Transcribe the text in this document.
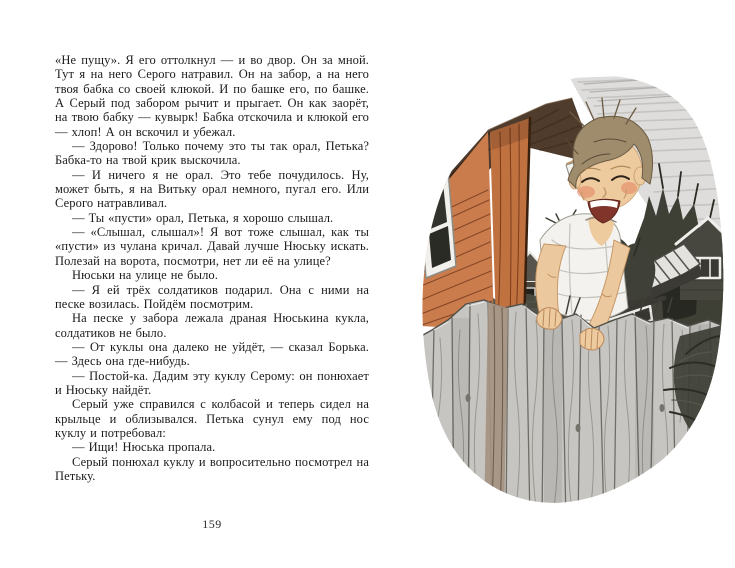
«Не пущу». Я его оттолкнул — и во двор. Он за мной. Тут я на него Серого натравил. Он на забор, а на него твоя бабка со своей клюкой. И по башке его, по башке. А Серый под забором рычит и прыгает. Он как заорёт, на твою бабку — кувырк! Бабка отскочила и клюкой его — хлоп! А он вскочил и убежал.

— Здорово! Только почему это ты так орал, Петька? Бабка-то на твой крик выскочила.

— И ничего я не орал. Это тебе почудилось. Ну, может быть, я на Витьку орал немного, пугал его. Или Серого натравливал.

— Ты «пусти» орал, Петька, я хорошо слышал.

— «Слышал, слышал»! Я вот тоже слышал, как ты «пусти» из чулана кричал. Давай лучше Нюську искать. Полезай на ворота, посмотри, нет ли её на улице?

Нюськи на улице не было.

— Я ей трёх солдатиков подарил. Она с ними на песке возилась. Пойдём посмотрим.

На песке у забора лежала драная Нюськина кукла, солдатиков не было.

— От куклы она далеко не уйдёт, — сказал Борька. — Здесь она где-нибудь.

— Постой-ка. Дадим эту куклу Серому: он понюхает и Нюську найдёт.

Серый уже справился с колбасой и теперь сидел на крыльце и облизывался. Петька сунул ему под нос куклу и потребовал:

— Ищи! Нюська пропала.

Серый понюхал куклу и вопросительно посмотрел на Петьку.

159
